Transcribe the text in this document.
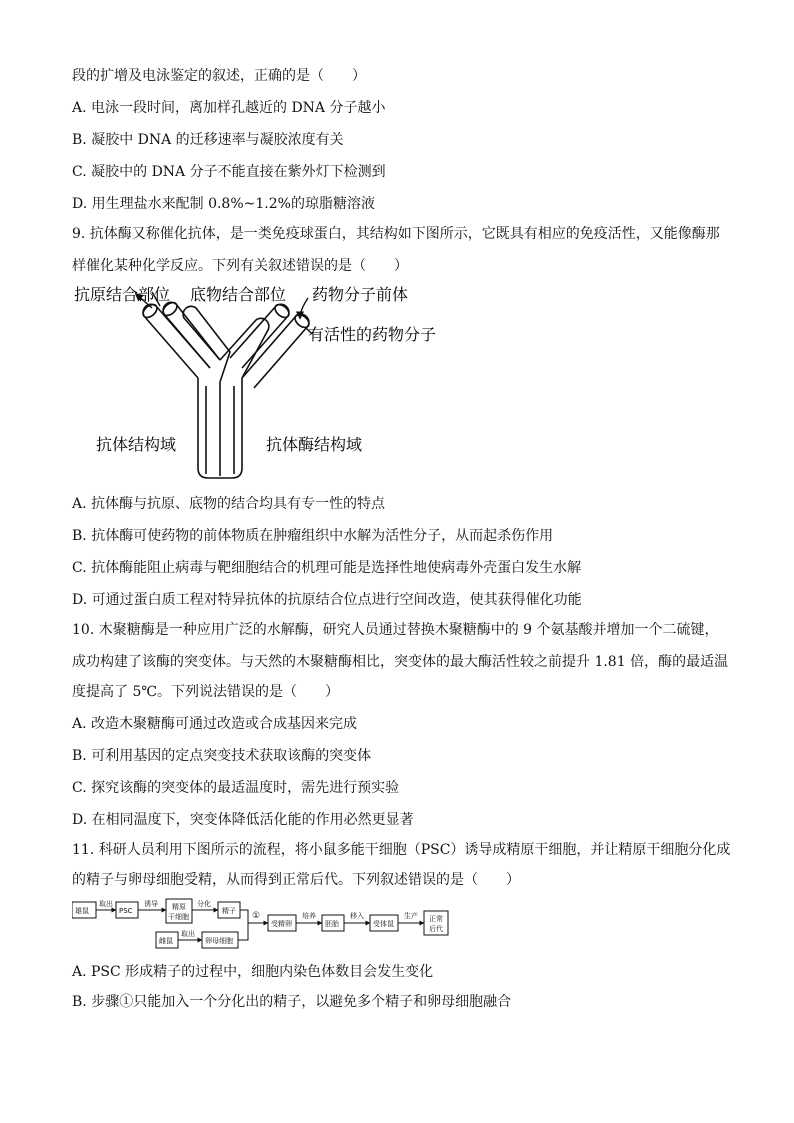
段的扩增及电泳鉴定的叙述，正确的是（　　）
A. 电泳一段时间，离加样孔越近的 DNA 分子越小
B. 凝胶中 DNA 的迁移速率与凝胶浓度有关
C. 凝胶中的 DNA 分子不能直接在紫外灯下检测到
D. 用生理盐水来配制 0.8%~1.2%的琼脂糖溶液
9. 抗体酶又称催化抗体，是一类免疫球蛋白，其结构如下图所示，它既具有相应的免疫活性，又能像酶那
样催化某种化学反应。下列有关叙述错误的是（　　）
抗原结合部位 底物结合部位 药物分子前体
有活性的药物分子
抗体结构域	抗体酶结构域
A. 抗体酶与抗原、底物的结合均具有专一性的特点
B. 抗体酶可使药物的前体物质在肿瘤组织中水解为活性分子，从而起杀伤作用
C. 抗体酶能阻止病毒与靶细胞结合的机理可能是选择性地使病毒外壳蛋白发生水解
D. 可通过蛋白质工程对特异抗体的抗原结合位点进行空间改造，使其获得催化功能
10. 木聚糖酶是一种应用广泛的水解酶，研究人员通过替换木聚糖酶中的 9 个氨基酸并增加一个二硫键，
成功构建了该酶的突变体。与天然的木聚糖酶相比，突变体的最大酶活性较之前提升 1.81 倍，酶的最适温
度提高了 5℃。下列说法错误的是（　　）
A. 改造木聚糖酶可通过改造或合成基因来完成
B. 可利用基因的定点突变技术获取该酶的突变体
C. 探究该酶的突变体的最适温度时，需先进行预实验
D. 在相同温度下，突变体降低活化能的作用必然更显著
11. 科研人员利用下图所示的流程，将小鼠多能干细胞（PSC）诱导成精原干细胞，并让精原干细胞分化成
的精子与卵母细胞受精，从而得到正常后代。下列叙述错误的是（　　）
雄鼠
取出
PSC
诱导 精原
干细胞
分化
精子 ①
受精卵
培养
胚胎
移入
受体鼠
生产 正常
后代
雌鼠
取出
卵母细胞
A. PSC 形成精子的过程中，细胞内染色体数目会发生变化
B. 步骤①只能加入一个分化出的精子，以避免多个精子和卵母细胞融合
